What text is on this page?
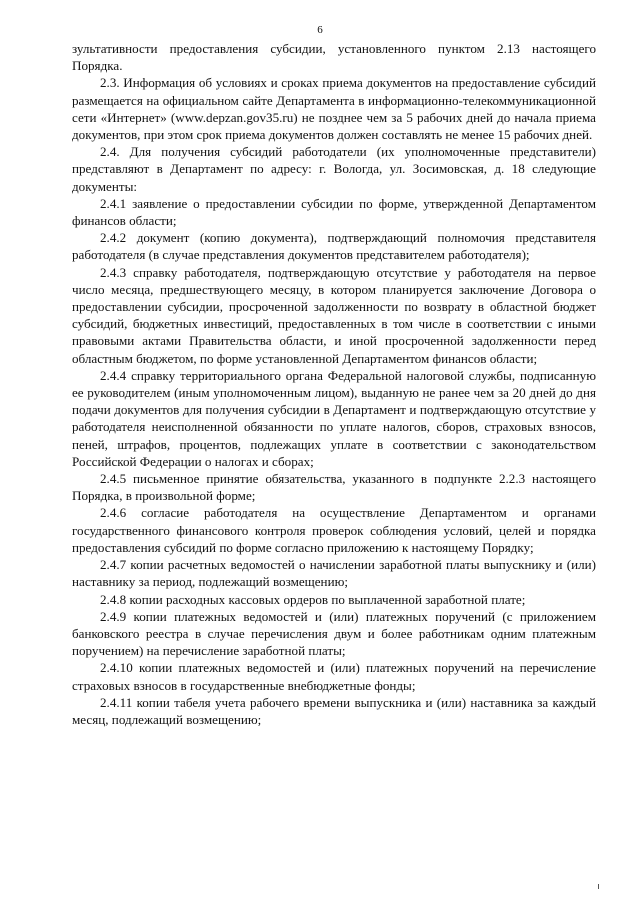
6

зультативности предоставления субсидии, установленного пунктом 2.13 настоящего Порядка.

2.3. Информация об условиях и сроках приема документов на предоставление субсидий размещается на официальном сайте Департамента в информационно-телекоммуникационной сети «Интернет» (www.depzan.gov35.ru) не позднее чем за 5 рабочих дней до начала приема документов, при этом срок приема документов должен составлять не менее 15 рабочих дней.

2.4. Для получения субсидий работодатели (их уполномоченные представители) представляют в Департамент по адресу: г. Вологда, ул. Зосимовская, д. 18 следующие документы:

2.4.1 заявление о предоставлении субсидии по форме, утвержденной Департаментом финансов области;

2.4.2 документ (копию документа), подтверждающий полномочия представителя работодателя (в случае представления документов представителем работодателя);

2.4.3 справку работодателя, подтверждающую отсутствие у работодателя на первое число месяца, предшествующего месяцу, в котором планируется заключение Договора о предоставлении субсидии, просроченной задолженности по возврату в областной бюджет субсидий, бюджетных инвестиций, предоставленных в том числе в соответствии с иными правовыми актами Правительства области, и иной просроченной задолженности перед областным бюджетом, по форме установленной Департаментом финансов области;

2.4.4 справку территориального органа Федеральной налоговой службы, подписанную ее руководителем (иным уполномоченным лицом), выданную не ранее чем за 20 дней до дня подачи документов для получения субсидии в Департамент и подтверждающую отсутствие у работодателя неисполненной обязанности по уплате налогов, сборов, страховых взносов, пеней, штрафов, процентов, подлежащих уплате в соответствии с законодательством Российской Федерации о налогах и сборах;

2.4.5 письменное принятие обязательства, указанного в подпункте 2.2.3 настоящего Порядка, в произвольной форме;

2.4.6 согласие работодателя на осуществление Департаментом и органами государственного финансового контроля проверок соблюдения условий, целей и порядка предоставления субсидий по форме согласно приложению к настоящему Порядку;

2.4.7 копии расчетных ведомостей о начислении заработной платы выпускнику и (или) наставнику за период, подлежащий возмещению;

2.4.8 копии расходных кассовых ордеров по выплаченной заработной плате;

2.4.9 копии платежных ведомостей и (или) платежных поручений (с приложением банковского реестра в случае перечисления двум и более работникам одним платежным поручением) на перечисление заработной платы;

2.4.10 копии платежных ведомостей и (или) платежных поручений на перечисление страховых взносов в государственные внебюджетные фонды;

2.4.11 копии табеля учета рабочего времени выпускника и (или) наставника за каждый месяц, подлежащий возмещению;
